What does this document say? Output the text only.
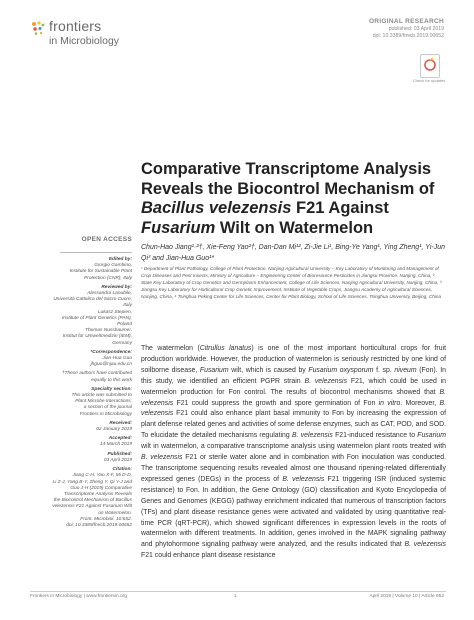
frontiers
in Microbiology
ORIGINAL RESEARCH
published: 03 April 2019
doi: 10.3389/fmicb.2019.00652
Check for updates
Comparative Transcriptome Analysis
Reveals the Biocontrol Mechanism of
Bacillus velezensis F21 Against
Fusarium Wilt on Watermelon
Chun-Hao Jiang¹·²†, Xie-Feng Yao²†, Dan-Dan Mi¹², Zi-Jie Li¹, Bing-Ye Yang¹, Ying Zheng¹, Yi-Jun Qi³ and Jian-Hua Guo¹*
¹ Department of Plant Pathology, College of Plant Protection, Nanjing Agricultural University – Key Laboratory of Monitoring and Management of Crop Diseases and Pest Insects, Ministry of Agriculture – Engineering Center of Bioresource Pesticides in Jiangsu Province, Nanjing, China, ² State Key Laboratory of Crop Genetics and Germplasm Enhancement, College of Life Sciences, Nanjing Agricultural University, Nanjing, China, ³ Jiangsu Key Laboratory for Horticultural Crop Genetic Improvement, Institute of Vegetable Crops, Jiangsu Academy of Agricultural Sciences, Nanjing, China, ⁴ Tsinghua Peking Center for Life Sciences, Center for Plant Biology, School of Life Sciences, Tsinghua University, Beijing, China
OPEN ACCESS

Edited by:

Giorgio Gambino,

Institute for Sustainable Plant

Protection (CNR), Italy

Reviewed by:

Alessandra Lanubile,

Università Cattolica del Sacro Cuore,

Italy

Lukasz Stepien,

Institute of Plant Genetics (PAN),

Poland

Thomas Nussbaumer,

Institut für Umweltmedizin (IEM),

Germany

*Correspondence:

Jian-Hua Guo

jhguo@njau.edu.cn

†These authors have contributed

equally to this work

Specialty section:

This article was submitted to

Plant Microbe Interactions,

a section of the journal

Frontiers in Microbiology

Received:

02 January 2019

Accepted:

14 March 2019

Published:

03 April 2019

Citation:

Jiang C-H, Yao X-F, Mi D-D,

Li Z-J, Yang B-Y, Zheng Y, Qi Y-J and

Guo J-H (2019) Comparative

Transcriptome Analysis Reveals

the Biocontrol Mechanism of Bacillus

velezensis F21 Against Fusarium Wilt

on Watermelon.

Front. Microbiol. 10:652.

doi: 10.3389/fmicb.2019.00652

The watermelon (Citrullus lanatus) is one of the most important horticultural crops for fruit production worldwide. However, the production of watermelon is seriously restricted by one kind of soilborne disease, Fusarium wilt, which is caused by Fusarium oxysporum f. sp. niveum (Fon). In this study, we identified an efficient PGPR strain B. velezensis F21, which could be used in watermelon production for Fon control. The results of biocontrol mechanisms showed that B. velezensis F21 could suppress the growth and spore germination of Fon in vitro. Moreover, B. velezensis F21 could also enhance plant basal immunity to Fon by increasing the expression of plant defense related genes and activities of some defense enzymes, such as CAT, POD, and SOD. To elucidate the detailed mechanisms regulating B. velezensis F21-induced resistance to Fusarium wilt in watermelon, a comparative transcriptome analysis using watermelon plant roots treated with B. velezensis F21 or sterile water alone and in combination with Fon inoculation was conducted. The transcriptome sequencing results revealed almost one thousand ripening-related differentially expressed genes (DEGs) in the process of B. velezensis F21 triggering ISR (induced systemic resistance) to Fon. In addition, the Gene Ontology (GO) classification and Kyoto Encyclopedia of Genes and Genomes (KEGG) pathway enrichment indicated that numerous of transcription factors (TFs) and plant disease resistance genes were activated and validated by using quantitative real-time PCR (qRT-PCR), which showed significant differences in expression levels in the roots of watermelon with different treatments. In addition, genes involved in the MAPK signaling pathway and phytohormone signaling pathway were analyzed, and the results indicated that B. velezensis F21 could enhance plant disease resistance
Frontiers in Microbiology | www.frontiersin.org	1	April 2019 | Volume 10 | Article 652
